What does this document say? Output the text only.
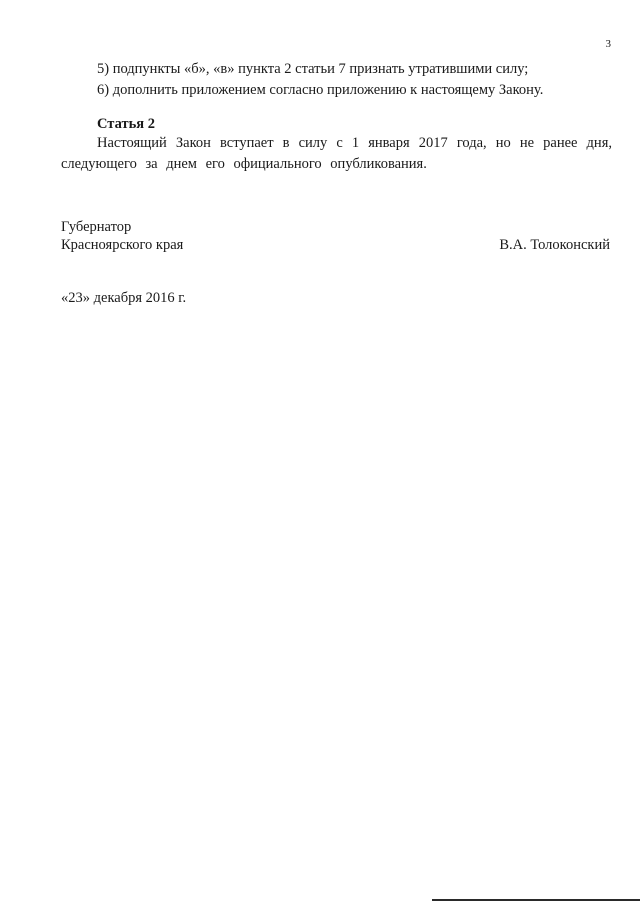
3
5) подпункты «б», «в» пункта 2 статьи 7 признать утратившими силу;
6) дополнить приложением согласно приложению к настоящему Закону.
Статья 2
Настоящий Закон вступает в силу с 1 января 2017 года, но не ранее дня, следующего за днем его официального опубликования.
Губернатор
Красноярского края	В.А. Толоконский
«23» декабря 2016 г.
